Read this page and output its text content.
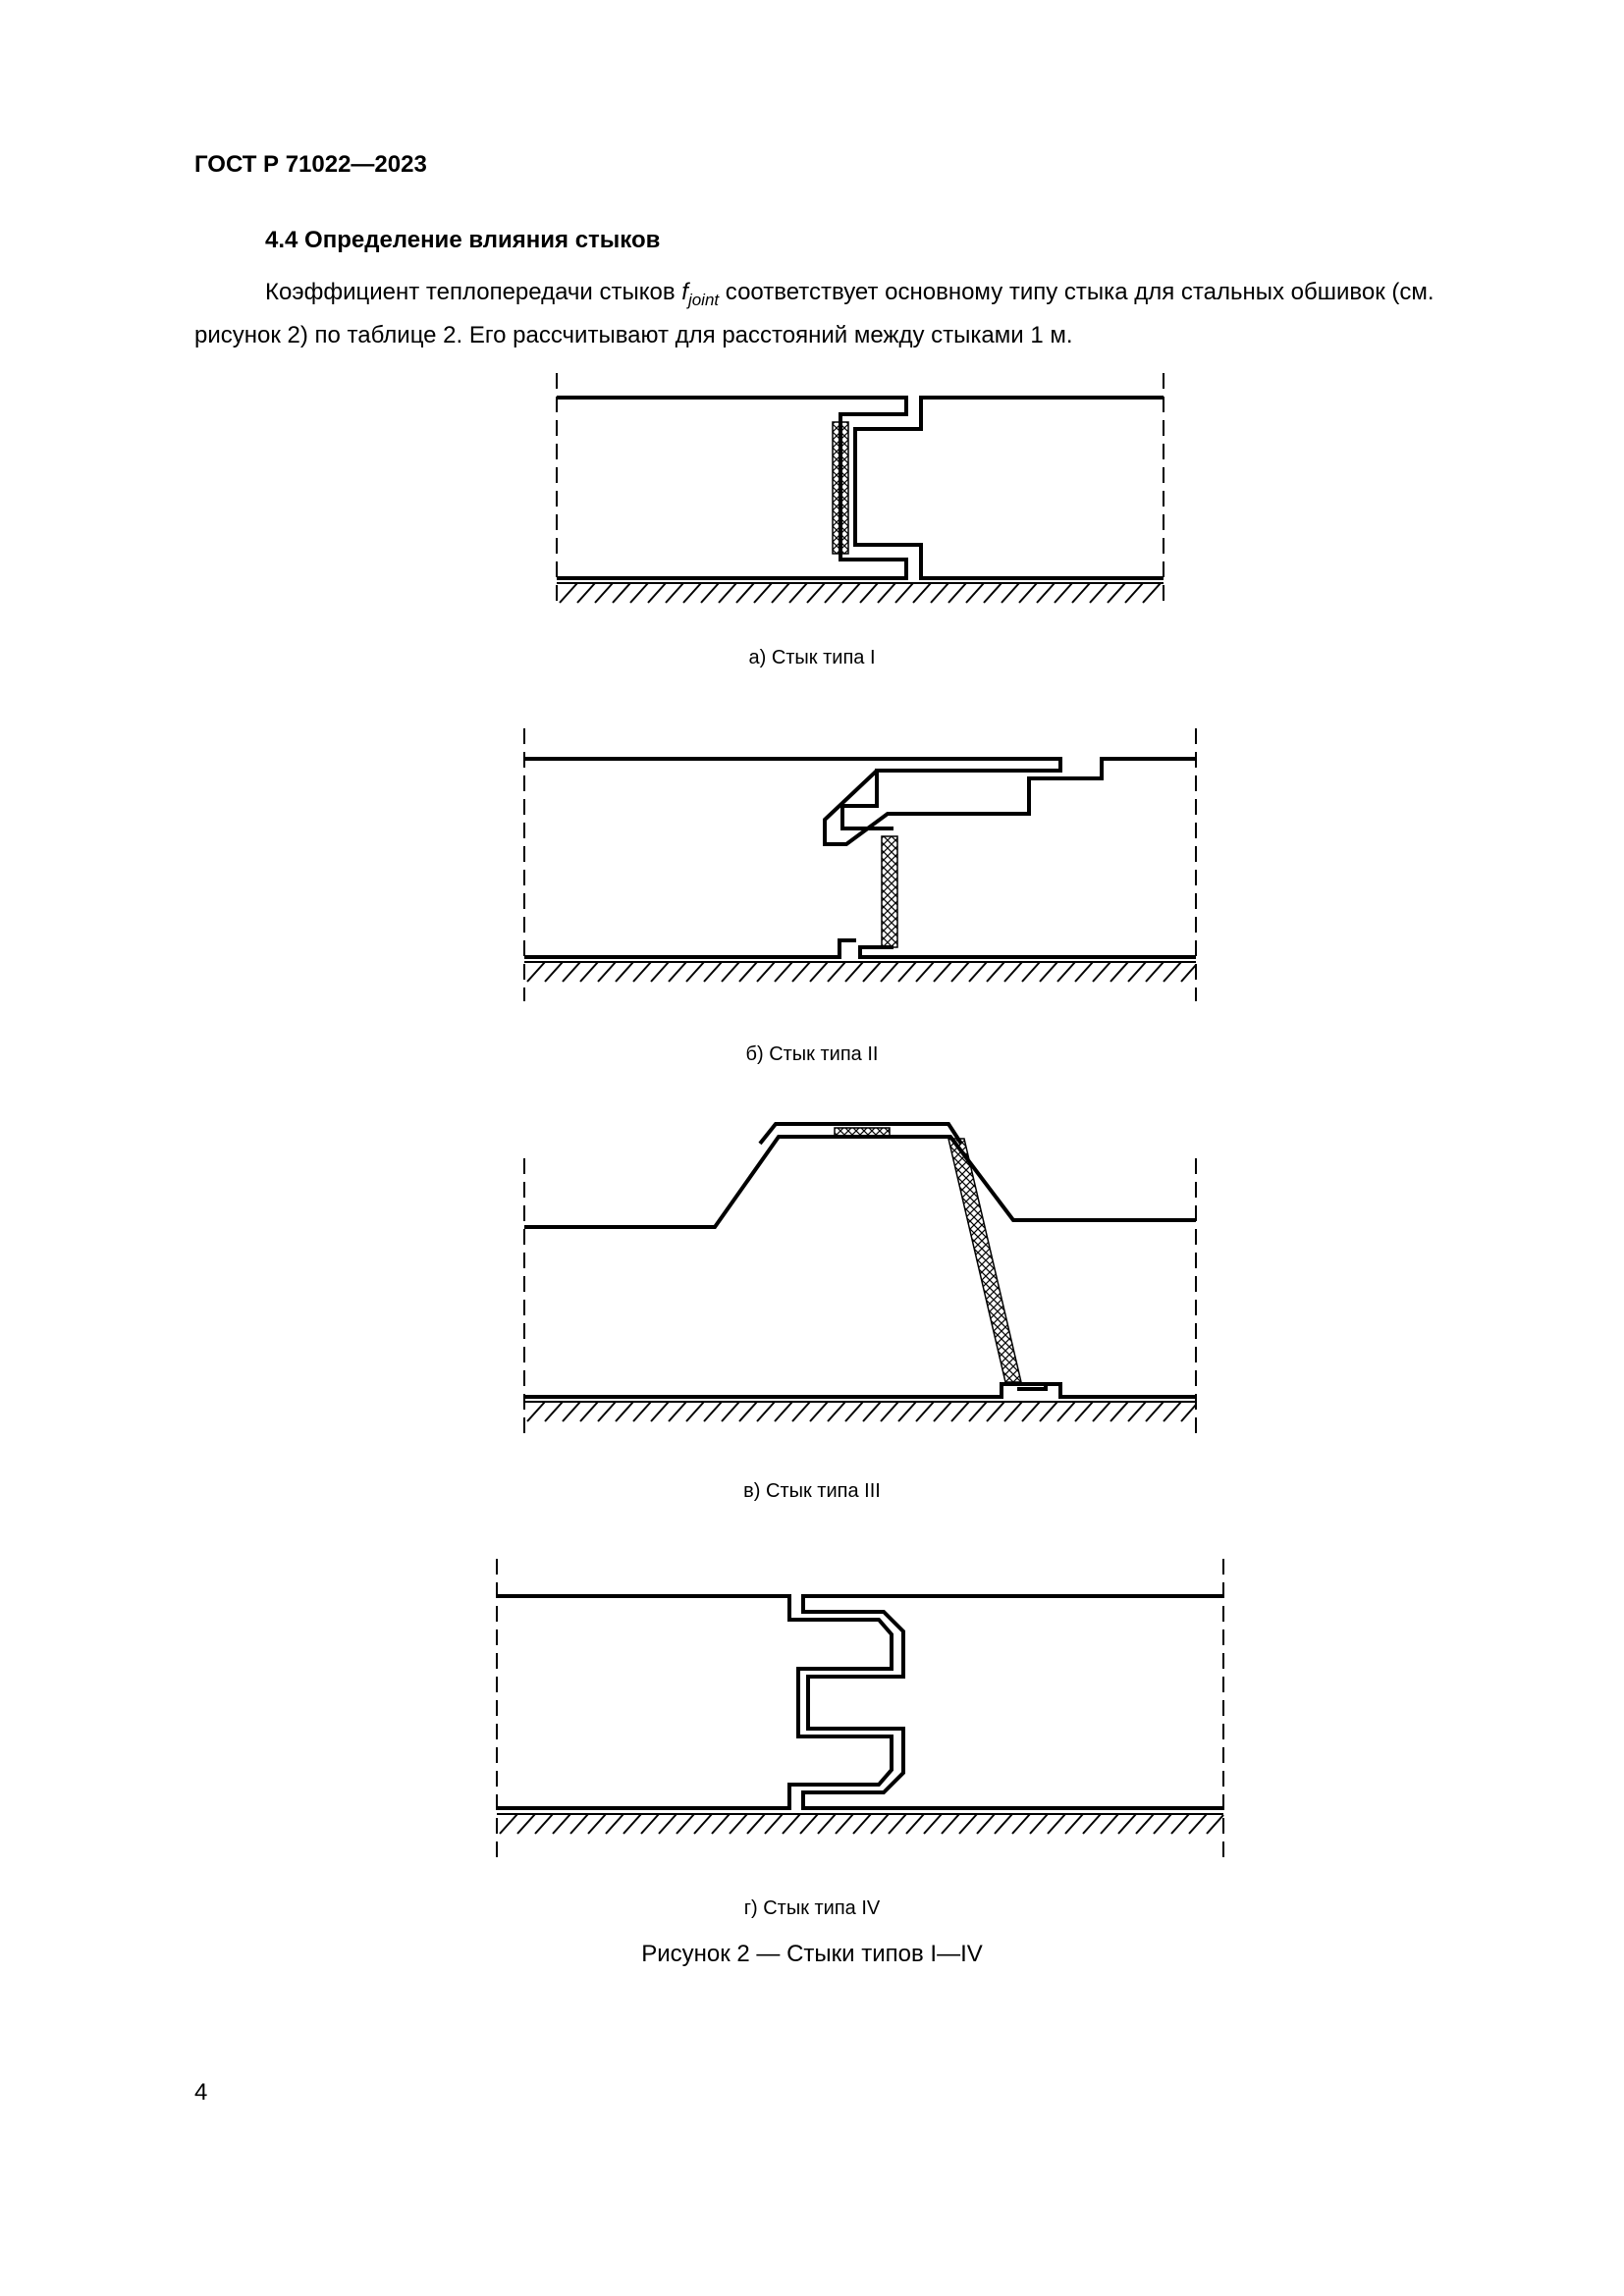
ГОСТ Р 71022—2023
4.4 Определение влияния стыков

Коэффициент теплопередачи стыков $f_{joint}$ соответствует основному типу стыка для стальных обшивок (см. рисунок 2) по таблице 2. Его рассчитывают для расстояний между стыками 1 м.

а) Стык типа I
б) Стык типа II
в) Стык типа III
г) Стык типа IV
Рисунок 2 — Стыки типов I—IV
4
